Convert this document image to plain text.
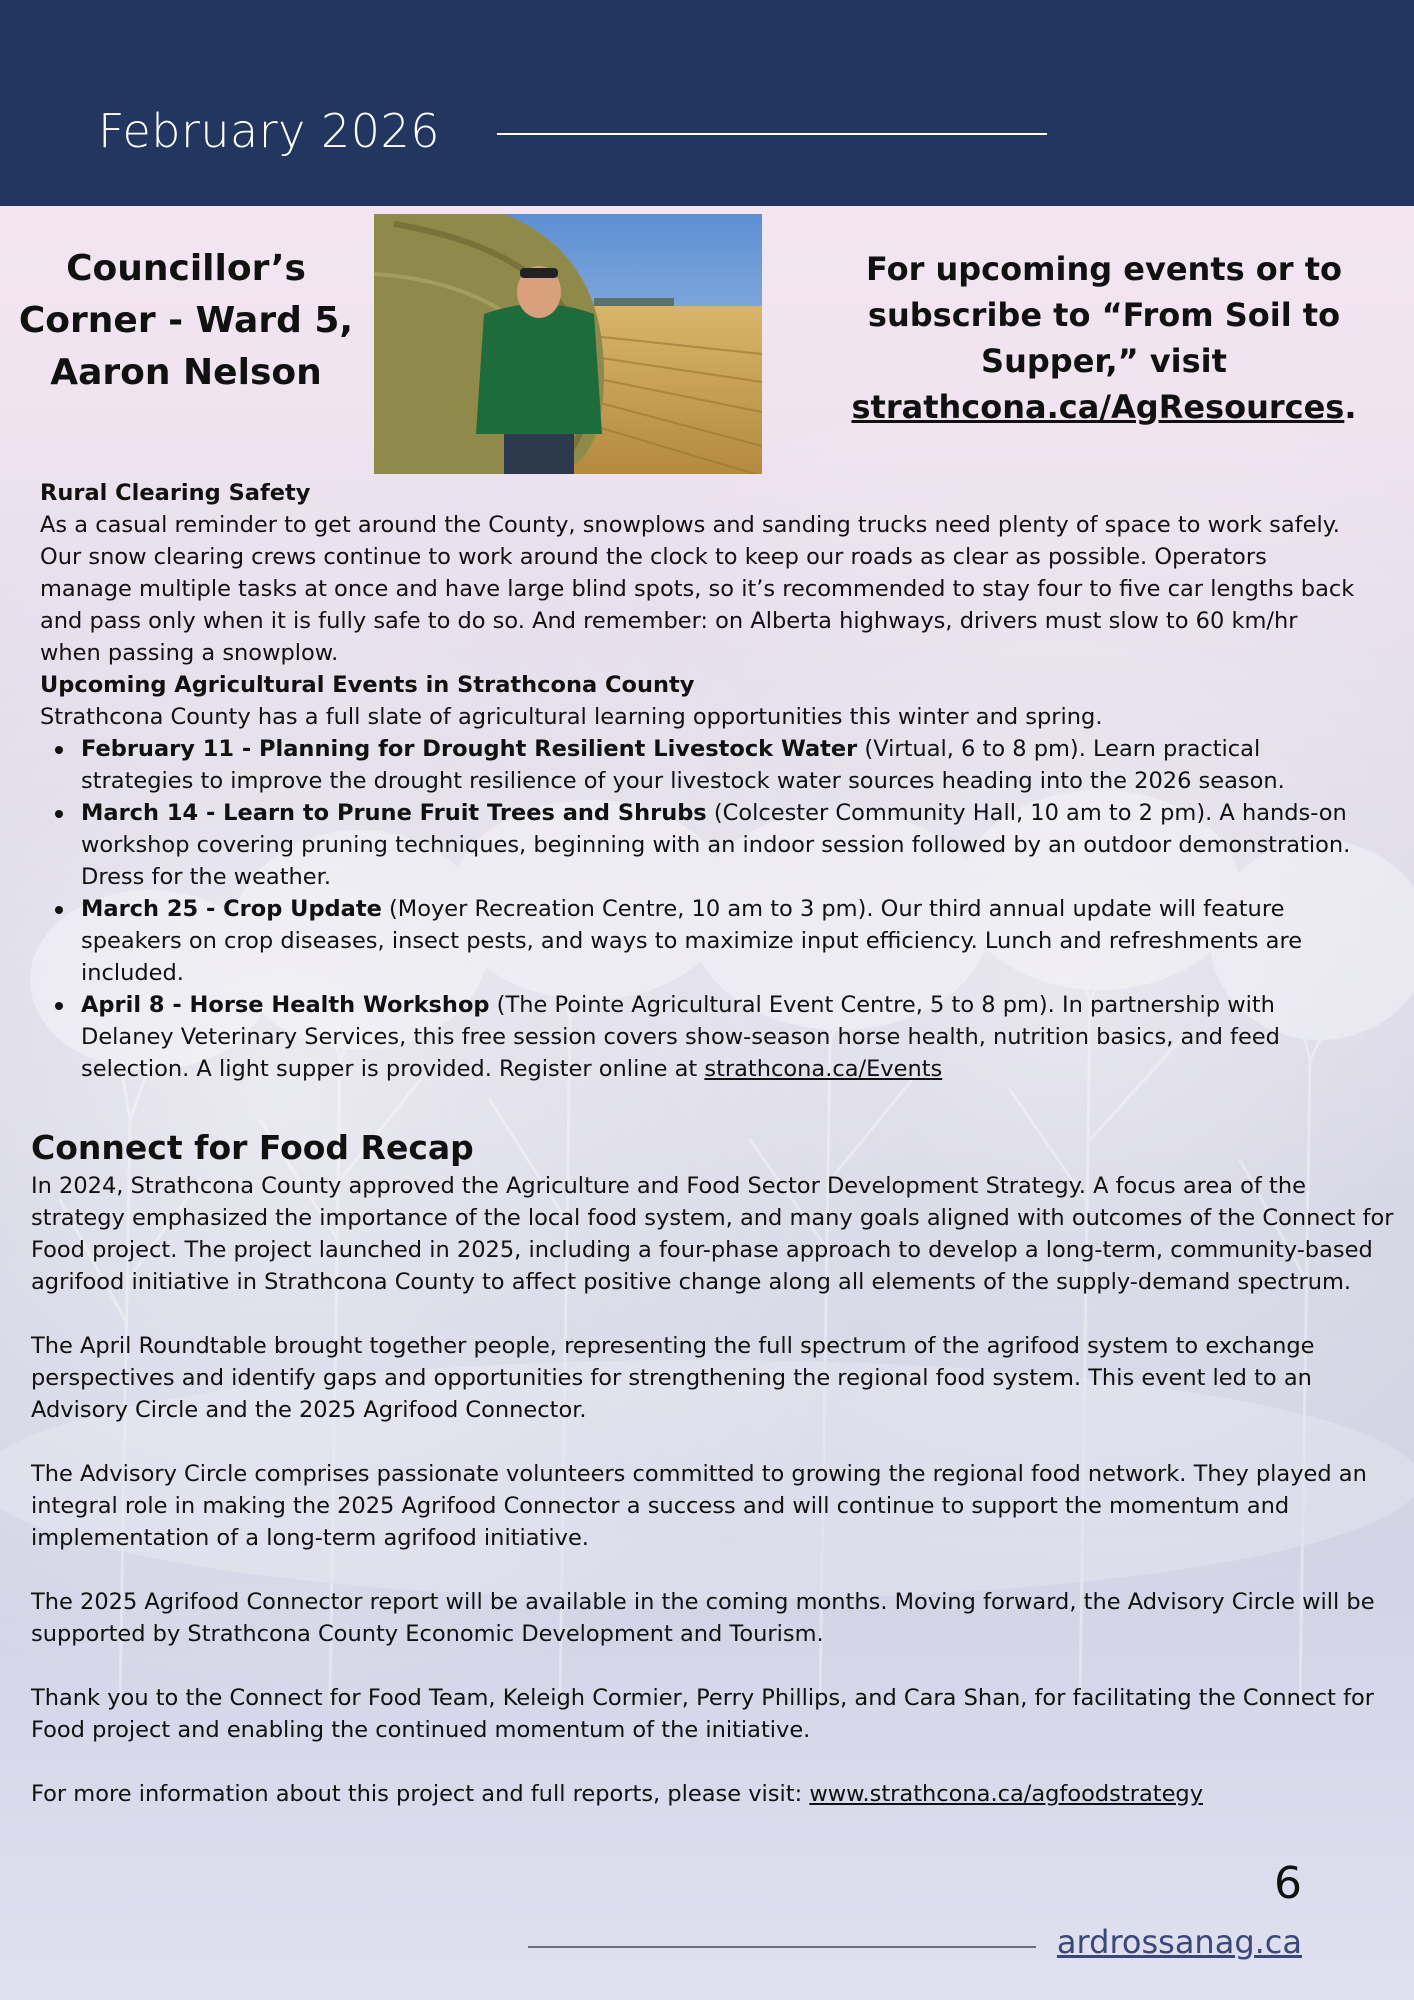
February 2026
Councillor’s
Corner - Ward 5,
Aaron Nelson
For upcoming events or to
subscribe to “From Soil to
Supper,” visit
strathcona.ca/AgResources.
Rural Clearing Safety
As a casual reminder to get around the County, snowplows and sanding trucks need plenty of space to work safely. Our snow clearing crews continue to work around the clock to keep our roads as clear as possible. Operators manage multiple tasks at once and have large blind spots, so it’s recommended to stay four to five car lengths back and pass only when it is fully safe to do so. And remember: on Alberta highways, drivers must slow to 60 km/hr when passing a snowplow.
Upcoming Agricultural Events in Strathcona County
Strathcona County has a full slate of agricultural learning opportunities this winter and spring.
February 11 - Planning for Drought Resilient Livestock Water (Virtual, 6 to 8 pm). Learn practical strategies to improve the drought resilience of your livestock water sources heading into the 2026 season.
March 14 - Learn to Prune Fruit Trees and Shrubs (Colcester Community Hall, 10 am to 2 pm). A hands-on workshop covering pruning techniques, beginning with an indoor session followed by an outdoor demonstration. Dress for the weather.
March 25 - Crop Update (Moyer Recreation Centre, 10 am to 3 pm). Our third annual update will feature speakers on crop diseases, insect pests, and ways to maximize input efficiency. Lunch and refreshments are included.
April 8 - Horse Health Workshop (The Pointe Agricultural Event Centre, 5 to 8 pm). In partnership with Delaney Veterinary Services, this free session covers show-season horse health, nutrition basics, and feed selection. A light supper is provided. Register online at strathcona.ca/Events
Connect for Food Recap

In 2024, Strathcona County approved the Agriculture and Food Sector Development Strategy. A focus area of the strategy emphasized the importance of the local food system, and many goals aligned with outcomes of the Connect for Food project. The project launched in 2025, including a four-phase approach to develop a long-term, community-based agrifood initiative in Strathcona County to affect positive change along all elements of the supply-demand spectrum.

The April Roundtable brought together people, representing the full spectrum of the agrifood system to exchange perspectives and identify gaps and opportunities for strengthening the regional food system. This event led to an Advisory Circle and the 2025 Agrifood Connector.

The Advisory Circle comprises passionate volunteers committed to growing the regional food network. They played an integral role in making the 2025 Agrifood Connector a success and will continue to support the momentum and implementation of a long-term agrifood initiative.

The 2025 Agrifood Connector report will be available in the coming months. Moving forward, the Advisory Circle will be supported by Strathcona County Economic Development and Tourism.

Thank you to the Connect for Food Team, Keleigh Cormier, Perry Phillips, and Cara Shan, for facilitating the Connect for Food project and enabling the continued momentum of the initiative.

For more information about this project and full reports, please visit: www.strathcona.ca/agfoodstrategy

6
ardrossanag.ca
